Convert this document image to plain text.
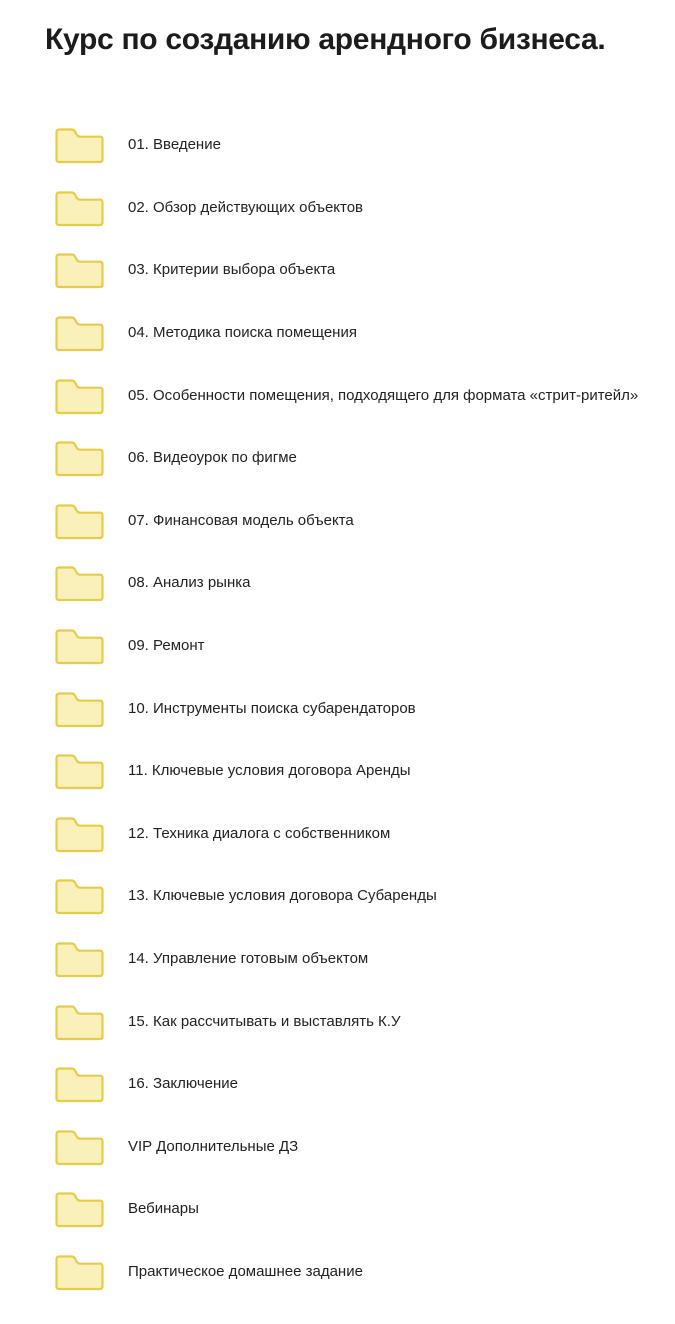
Курс по созданию арендного бизнеса.
01. Введение
02. Обзор действующих объектов
03. Критерии выбора объекта
04. Методика поиска помещения
05. Особенности помещения, подходящего для формата «стрит-ритейл»
06. Видеоурок по фигме
07. Финансовая модель объекта
08. Анализ рынка
09. Ремонт
10. Инструменты поиска субарендаторов
11. Ключевые условия договора Аренды
12. Техника диалога с собственником
13. Ключевые условия договора Субаренды
14. Управление готовым объектом
15. Как рассчитывать и выставлять К.У
16. Заключение
VIP Дополнительные ДЗ
Вебинары
Практическое домашнее задание
